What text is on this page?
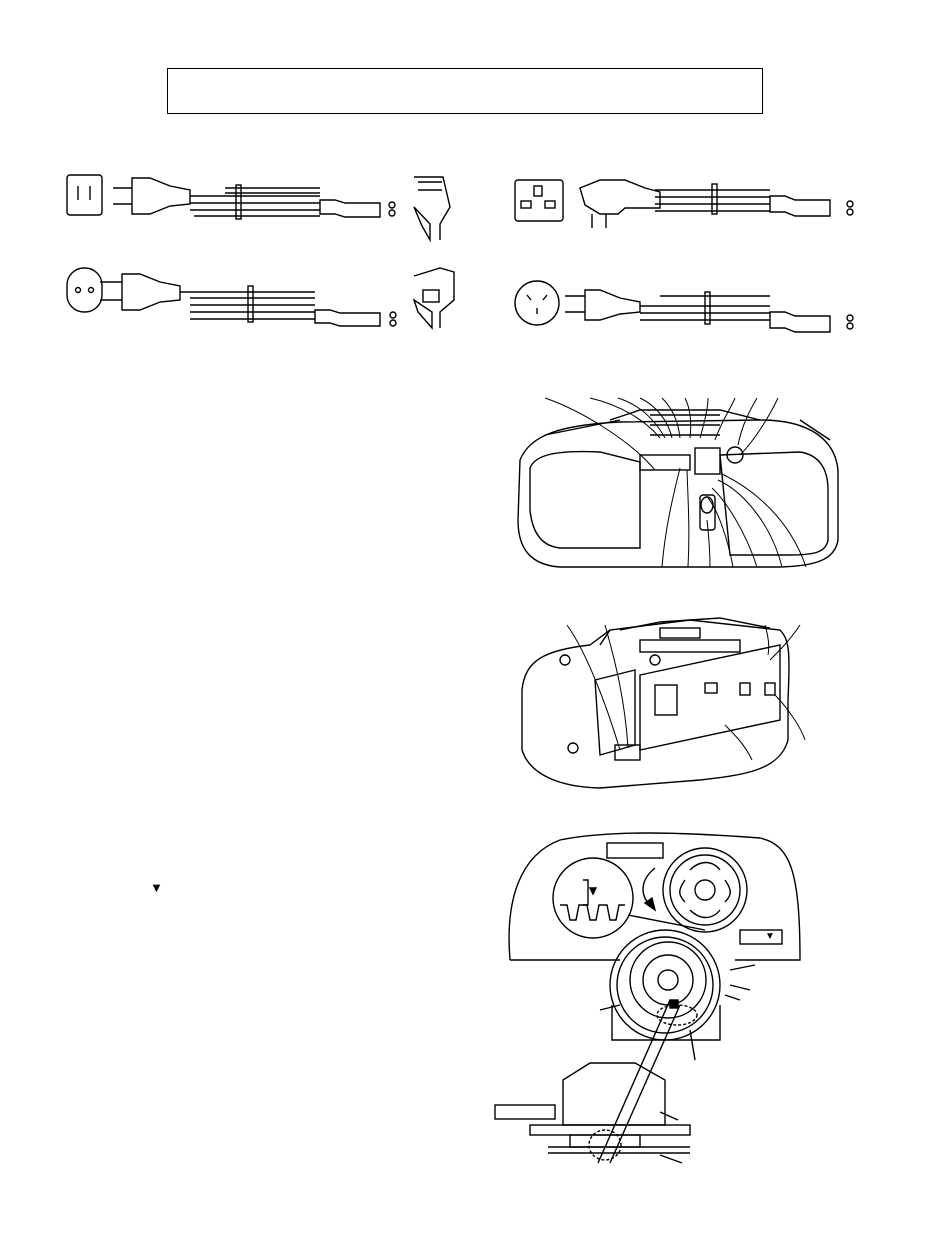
▼
▼
